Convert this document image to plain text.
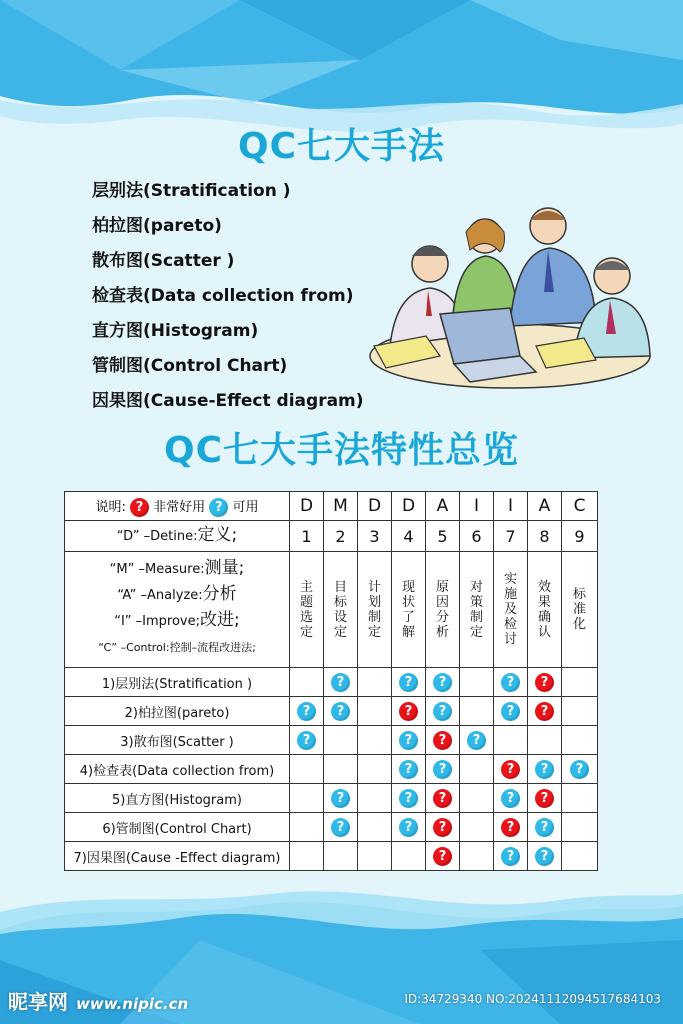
QC七大手法
层别法(Stratification )
柏拉图(pareto)
散布图(Scatter )
检查表(Data collection from)
直方图(Histogram)
管制图(Control Chart)
因果图(Cause-Effect diagram)
QC七大手法特性总览
说明: ? 非常好用 ? 可用	D	M	D	D	A	I	I	A	C
“D” –Detine:定义;	1	2	3	4	5	6	7	8	9

“M” –Measure:测量;
“A” –Analyze:分析
“I” –Improve;改进;
“C” –Control:控制–流程改进法;	主题选定	目标设定	计划制定	现状了解	原因分析	对策制定	实施及检讨	效果确认	标准化
1)层别法(Stratification )		?		?	?		?	?	
2)柏拉图(pareto)	?	?		?	?		?	?	
3)散布图(Scatter )	?			?	?	?			
4)检查表(Data collection from)				?	?		?	?	?
5)直方图(Histogram)		?		?	?		?	?	
6)管制图(Control Chart)		?		?	?		?	?	
7)因果图(Cause -Effect diagram)					?		?	?	
昵享网 www.nipic.cn	ID:34729340 NO:20241112094517684103
